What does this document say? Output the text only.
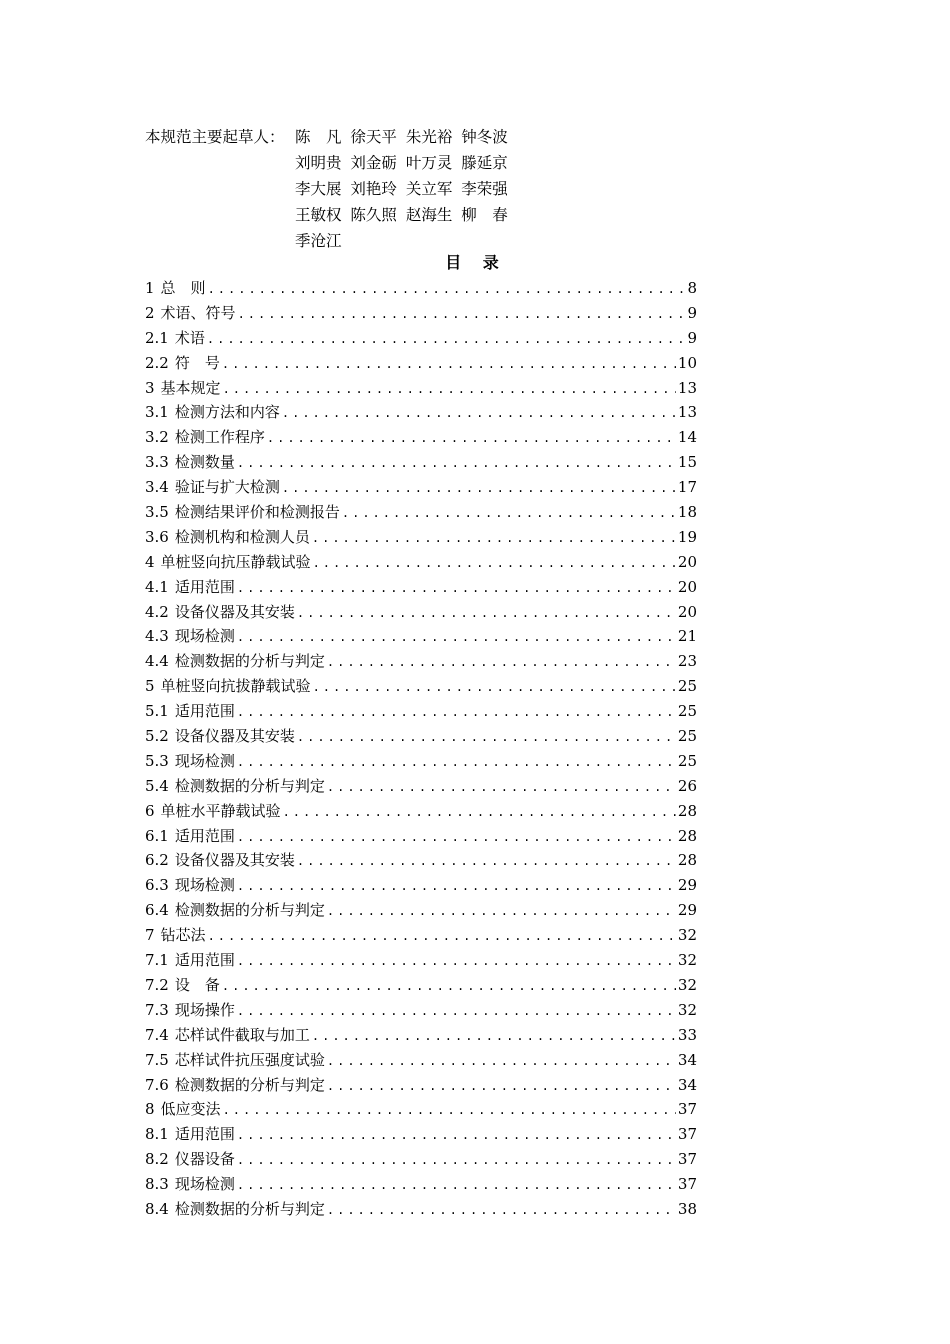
本规范主要起草人： 陈　凡 徐天平 朱光裕 钟冬波
刘明贵 刘金砺 叶万灵 滕延京
李大展 刘艳玲 关立军 李荣强
王敏权 陈久照 赵海生 柳　春
季沧江
目 录
1 总　则 .....	8
2 术语、符号 .....	9
2.1 术语 .....	9
2.2 符　号 .....	10
3 基本规定 .....	13
3.1 检测方法和内容 .....	13
3.2 检测工作程序 .....	14
3.3 检测数量 .....	15
3.4 验证与扩大检测 .....	17
3.5 检测结果评价和检测报告 .....	18
3.6 检测机构和检测人员 .....	19
4 单桩竖向抗压静载试验 .....	20
4.1 适用范围 .....	20
4.2 设备仪器及其安装 .....	20
4.3 现场检测 .....	21
4.4 检测数据的分析与判定 .....	23
5 单桩竖向抗拔静载试验 .....	25
5.1 适用范围 .....	25
5.2 设备仪器及其安装 .....	25
5.3 现场检测 .....	25
5.4 检测数据的分析与判定 .....	26
6 单桩水平静载试验 .....	28
6.1 适用范围 .....	28
6.2 设备仪器及其安装 .....	28
6.3 现场检测 .....	29
6.4 检测数据的分析与判定 .....	29
7 钻芯法 .....	32
7.1 适用范围 .....	32
7.2 设　备 .....	32
7.3 现场操作 .....	32
7.4 芯样试件截取与加工 .....	33
7.5 芯样试件抗压强度试验 .....	34
7.6 检测数据的分析与判定 .....	34
8 低应变法 .....	37
8.1 适用范围 .....	37
8.2 仪器设备 .....	37
8.3 现场检测 .....	37
8.4 检测数据的分析与判定 .....	38
